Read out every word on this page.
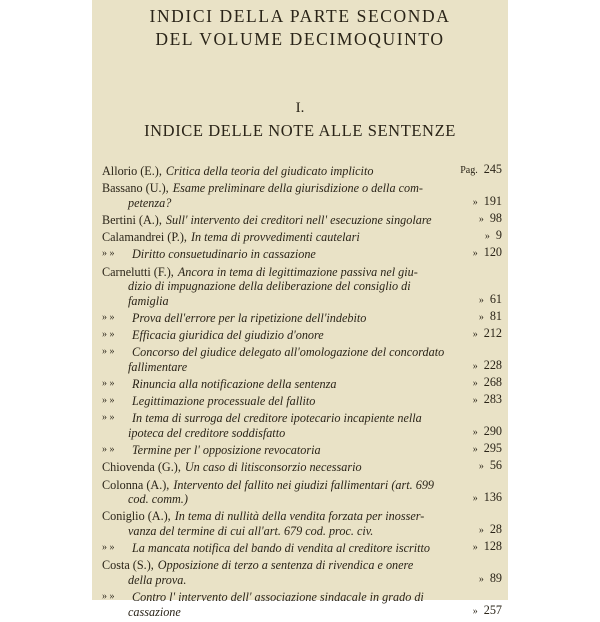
INDICI DELLA PARTE SECONDA
DEL VOLUME DECIMOQUINTO
I.
INDICE DELLE NOTE ALLE SENTENZE
Allorio (E.), Critica della teoria del giudicato implicito	Pag. 245
Bassano (U.), Esame preliminare della giurisdizione o della com-
petenza?	» 191
Bertini (A.), Sull' intervento dei creditori nell' esecuzione singolare	» 98
Calamandrei (P.), In tema di provvedimenti cautelari	» 9
» »	Diritto consuetudinario in cassazione	» 120
Carnelutti (F.), Ancora in tema di legittimazione passiva nel giu-
dizio di impugnazione della deliberazione del consiglio di
famiglia	» 61
» »	Prova dell'errore per la ripetizione dell'indebito	» 81
» »	Efficacia giuridica del giudizio d'onore	» 212
» »	Concorso del giudice delegato all'omologazione del concordato
fallimentare	» 228
» »	Rinuncia alla notificazione della sentenza	» 268
» »	Legittimazione processuale del fallito	» 283
» »	In tema di surroga del creditore ipotecario incapiente nella
ipoteca del creditore soddisfatto	» 290
» »	Termine per l' opposizione revocatoria	» 295
Chiovenda (G.), Un caso di litisconsorzio necessario	» 56
Colonna (A.), Intervento del fallito nei giudizi fallimentari (art. 699
cod. comm.)	» 136
Coniglio (A.), In tema di nullità della vendita forzata per inosser-
vanza del termine di cui all'art. 679 cod. proc. civ.	» 28
» »	La mancata notifica del bando di vendita al creditore iscritto	» 128
Costa (S.), Opposizione di terzo a sentenza di rivendica e onere
della prova.	» 89
» »	Contro l' intervento dell' associazione sindacale in grado di
cassazione	» 257
